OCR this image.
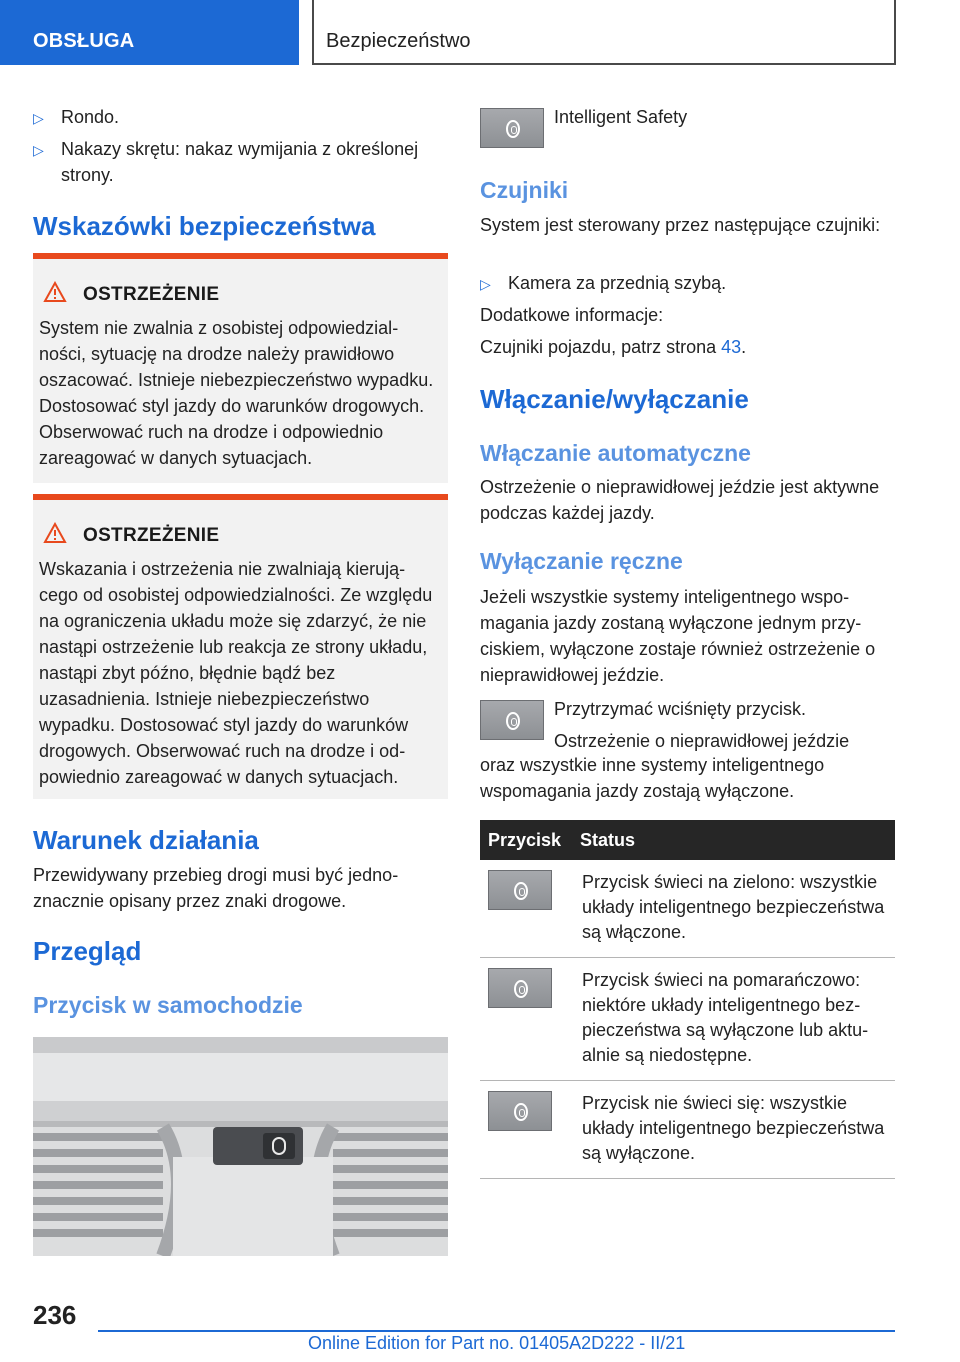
OBSŁUGA	Bezpieczeństwo
▷ Rondo.
▷ Nakazy skrętu: nakaz wymijania z określonej strony.
Wskazówki bezpieczeństwa
OSTRZEŻENIE
System nie zwalnia z osobistej odpowiedzialności, sytuację na drodze należy prawidłowo oszacować. Istnieje niebezpieczeństwo wypadku. Dostosować styl jazdy do warunków drogowych. Obserwować ruch na drodze i odpowiednio zareagować w danych sytuacjach.
OSTRZEŻENIE
Wskazania i ostrzeżenia nie zwalniają kierującego od osobistej odpowiedzialności. Ze względu na ograniczenia układu może się zdarzyć, że nie nastąpi ostrzeżenie lub reakcja ze strony układu, nastąpi zbyt późno, błędnie bądź bez uzasadnienia. Istnieje niebezpieczeństwo wypadku. Dostosować styl jazdy do warunków drogowych. Obserwować ruch na drodze i odpowiednio zareagować w danych sytuacjach.
Warunek działania

Przewidywany przebieg drogi musi być jednoznacznie opisany przez znaki drogowe.

Przegląd
Przycisk w samochodzie

Intelligent Safety

Czujniki

System jest sterowany przez następujące czujniki:

▷ Kamera za przednią szybą.

Dodatkowe informacje:

Czujniki pojazdu, patrz strona 43.

Włączanie/wyłączanie
Włączanie automatyczne

Ostrzeżenie o nieprawidłowej jeździe jest aktywne podczas każdej jazdy.

Wyłączanie ręczne

Jeżeli wszystkie systemy inteligentnego wspomagania jazdy zostaną wyłączone jednym przyciskiem, wyłączone zostaje również ostrzeżenie o nieprawidłowej jeździe.

Przytrzymać wciśnięty przycisk.

Ostrzeżenie o nieprawidłowej jeździe

oraz wszystkie inne systemy inteligentnego wspomagania jazdy zostają wyłączone.

Przycisk	Status

	Przycisk świeci na zielono: wszystkie układy inteligentnego bezpieczeństwa są włączone.

	Przycisk świeci na pomarańczowo: niektóre układy inteligentnego bezpieczeństwa są wyłączone lub aktualnie są niedostępne.

	Przycisk nie świeci się: wszystkie układy inteligentnego bezpieczeństwa są wyłączone.
236
Online Edition for Part no. 01405A2D222 - II/21
